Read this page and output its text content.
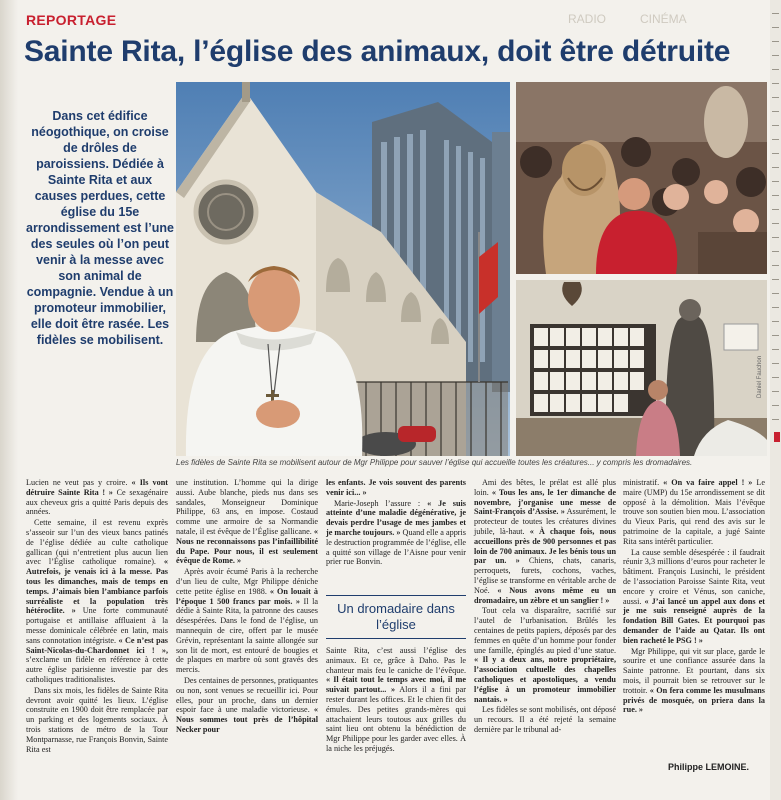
REPORTAGE	RADIO	CINÉMA
Sainte Rita, l’église des animaux, doit être détruite
Dans cet édifice néogothique, on croise de drôles de paroissiens. Dédiée à Sainte Rita et aux causes perdues, cette église du 15e arrondissement est l’une des seules où l’on peut venir à la messe avec son animal de compagnie. Vendue à un promoteur immobilier, elle doit être rasée. Les fidèles se mobilisent.
Daniel Fauchon
Les fidèles de Sainte Rita se mobilisent autour de Mgr Philippe pour sauver l’église qui accueille toutes les créatures... y compris les dromadaires.

Lucien ne veut pas y croire. « Ils vont détruire Sainte Rita ! » Ce sexagénaire aux cheveux gris a quitté Paris depuis des années.

Cette semaine, il est revenu exprès s’asseoir sur l’un des vieux bancs patinés de l’église dédiée au culte catholique gallican (qui n’entretient plus aucun lien avec l’Église catholique romaine). « Autrefois, je venais ici à la messe. Pas tous les dimanches, mais de temps en temps. J’aimais bien l’ambiance parfois surréaliste et la population très hétéroclite. » Une forte communauté portugaise et antillaise affluaient à la messe dominicale célébrée en latin, mais sans connotation intégriste. « Ce n’est pas Saint-Nicolas-du-Chardonnet ici ! », s’exclame un fidèle en référence à cette autre église parisienne investie par des catholiques traditionalistes.

Dans six mois, les fidèles de Sainte Rita devront avoir quitté les lieux. L’église construite en 1900 doit être remplacée par un parking et des logements sociaux. À trois stations de métro de la Tour Montparnasse, rue François Bonvin, Sainte Rita est

une institution. L’homme qui la dirige aussi. Aube blanche, pieds nus dans ses sandales, Monseigneur Dominique Philippe, 63 ans, en impose. Costaud comme une armoire de sa Normandie natale, il est évêque de l’Église gallicane. « Nous ne reconnaissons pas l’infaillibilité du Pape. Pour nous, il est seulement évêque de Rome. »

Après avoir écumé Paris à la recherche d’un lieu de culte, Mgr Philippe déniche cette petite église en 1988. « On louait à l’époque 1 500 francs par mois. » Il la dédie à Sainte Rita, la patronne des causes désespérées. Dans le fond de l’église, un mannequin de cire, offert par le musée Grévin, représentant la sainte allongée sur son lit de mort, est entouré de bougies et de plaques en marbre où sont gravés des mercis.

Des centaines de personnes, pratiquantes ou non, sont venues se recueillir ici. Pour elles, pour un proche, dans un dernier espoir face à une maladie victorieuse. « Nous sommes tout près de l’hôpital Necker pour

les enfants. Je vois souvent des parents venir ici... »

Marie-Joseph l’assure : « Je suis atteinte d’une maladie dégénérative, je devais perdre l’usage de mes jambes et je marche toujours. » Quand elle a appris le destruction programmée de l’église, elle a quitté son village de l’Aisne pour venir prier rue Bonvin.

Un dromadaire dans l’église

Sainte Rita, c’est aussi l’église des animaux. Et ce, grâce à Daho. Pas le chanteur mais feu le caniche de l’évêque. « Il était tout le temps avec moi, il me suivait partout... » Alors il a fini par rester durant les offices. Et le chien fit des émules. Des petites grands-mères qui attachaient leurs toutous aux grilles du saint lieu ont obtenu la bénédiction de Mgr Philippe pour les garder avec elles. À la niche les préjugés.

Ami des bêtes, le prélat est allé plus loin. « Tous les ans, le 1er dimanche de novembre, j’organise une messe de Saint-François d’Assise. » Assurément, le protecteur de toutes les créatures divines jubile, là-haut. « À chaque fois, nous accueillons près de 900 personnes et pas loin de 700 animaux. Je les bénis tous un par un. » Chiens, chats, canaris, perroquets, furets, cochons, vaches, l’église se transforme en véritable arche de Noé. « Nous avons même eu un dromadaire, un zèbre et un sanglier ! »

Tout cela va disparaître, sacrifié sur l’autel de l’urbanisation. Brûlés les centaines de petits papiers, déposés par des femmes en quête d’un homme pour fonder une famille, épinglés au pied d’une statue. « Il y a deux ans, notre propriétaire, l’association cultuelle des chapelles catholiques et apostoliques, a vendu l’église à un promoteur immobilier nantais. »

Les fidèles se sont mobilisés, ont déposé un recours. Il a été rejeté la semaine dernière par le tribunal ad-

ministratif. « On va faire appel ! » Le maire (UMP) du 15e arrondissement se dit opposé à la démolition. Mais l’évêque trouve son soutien bien mou. L’association du Vieux Paris, qui rend des avis sur le patrimoine de la capitale, a jugé Sainte Rita sans intérêt particulier.

La cause semble désespérée : il faudrait réunir 3,3 millions d’euros pour racheter le bâtiment. François Lusinchi, le président de l’association Paroisse Sainte Rita, veut encore y croire et Vénus, son caniche, aussi. « J’ai lancé un appel aux dons et je me suis renseigné auprès de la fondation Bill Gates. Et pourquoi pas demander de l’aide au Qatar. Ils ont bien racheté le PSG ! »

Mgr Philippe, qui vit sur place, garde le sourire et une confiance assurée dans la Sainte patronne. Et pourtant, dans six mois, il pourrait bien se retrouver sur le trottoir. « On fera comme les musulmans privés de mosquée, on priera dans la rue. »

Philippe LEMOINE.
